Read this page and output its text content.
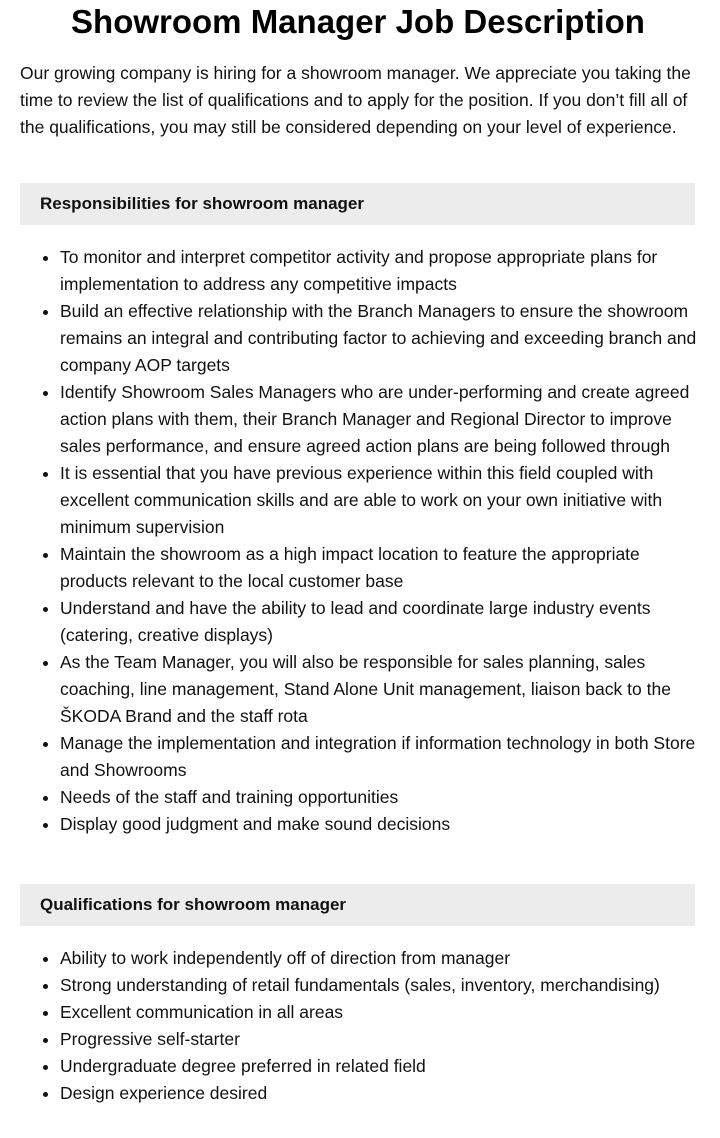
Showroom Manager Job Description

Our growing company is hiring for a showroom manager. We appreciate you taking the time to review the list of qualifications and to apply for the position. If you don’t fill all of the qualifications, you may still be considered depending on your level of experience.

Responsibilities for showroom manager
• To monitor and interpret competitor activity and propose appropriate plans for implementation to address any competitive impacts
• Build an effective relationship with the Branch Managers to ensure the showroom remains an integral and contributing factor to achieving and exceeding branch and company AOP targets
• Identify Showroom Sales Managers who are under-performing and create agreed action plans with them, their Branch Manager and Regional Director to improve sales performance, and ensure agreed action plans are being followed through
• It is essential that you have previous experience within this field coupled with excellent communication skills and are able to work on your own initiative with minimum supervision
• Maintain the showroom as a high impact location to feature the appropriate products relevant to the local customer base
• Understand and have the ability to lead and coordinate large industry events (catering, creative displays)
• As the Team Manager, you will also be responsible for sales planning, sales coaching, line management, Stand Alone Unit management, liaison back to the ŠKODA Brand and the staff rota
• Manage the implementation and integration if information technology in both Store and Showrooms
• Needs of the staff and training opportunities
• Display good judgment and make sound decisions
Qualifications for showroom manager
• Ability to work independently off of direction from manager
• Strong understanding of retail fundamentals (sales, inventory, merchandising)
• Excellent communication in all areas
• Progressive self-starter
• Undergraduate degree preferred in related field
• Design experience desired
